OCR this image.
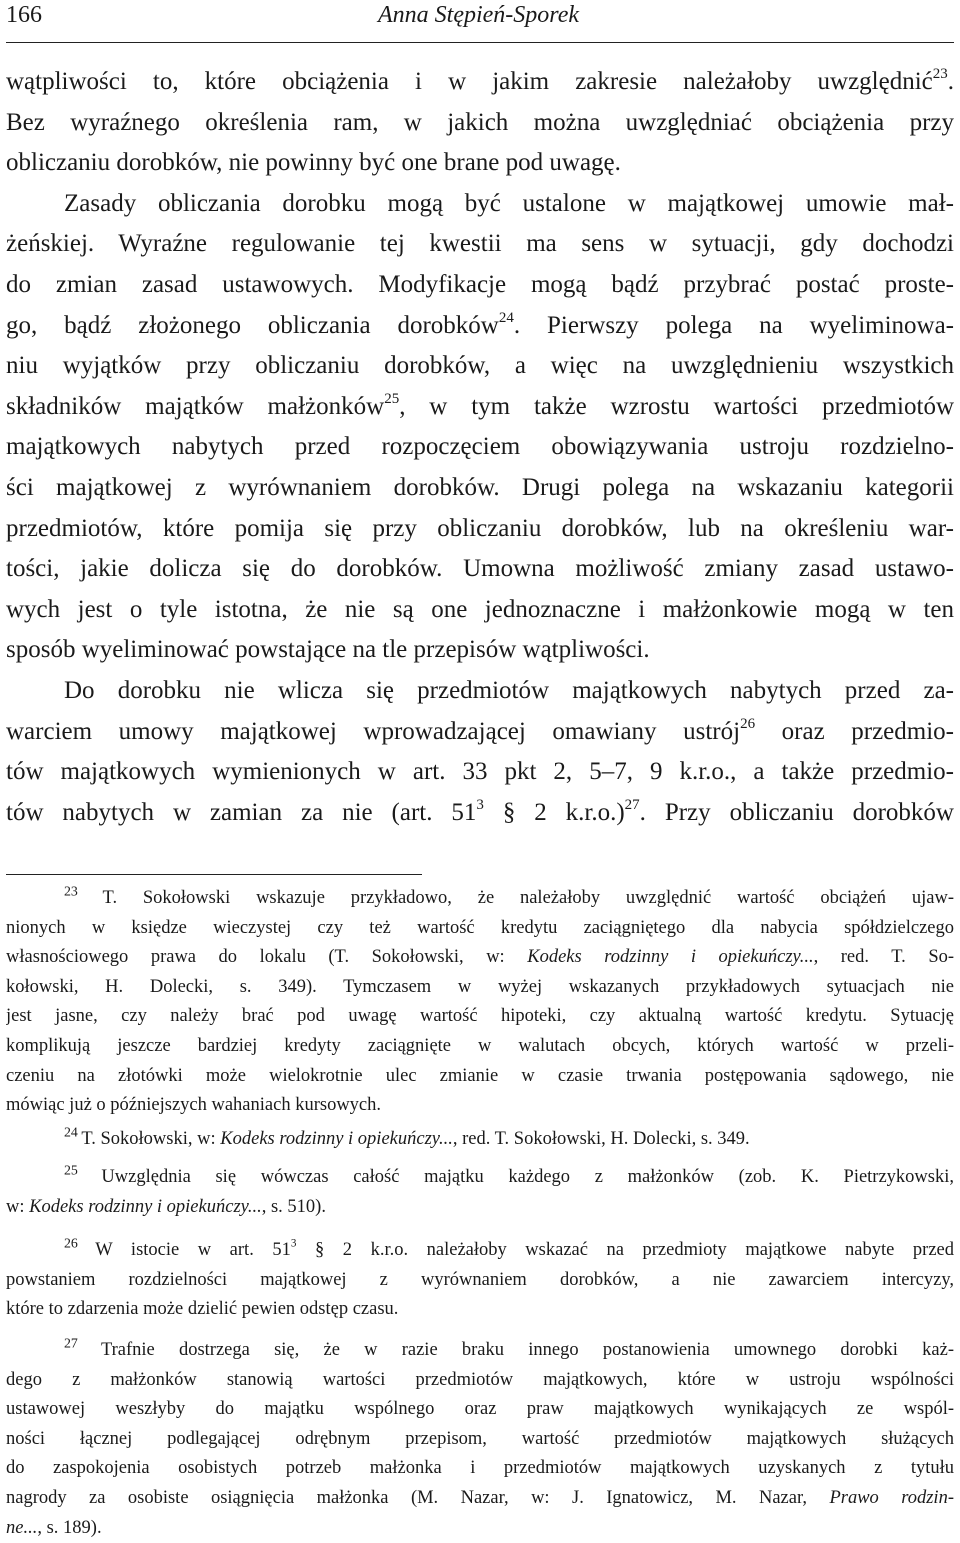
166	Anna Stępień-Sporek
wątpliwości to, które obciążenia i w jakim zakresie należałoby uwzględnić$^{23}$.
Bez wyraźnego określenia ram, w jakich można uwzględniać obciążenia przy
obliczaniu dorobków, nie powinny być one brane pod uwagę.
Zasady obliczania dorobku mogą być ustalone w majątkowej umowie mał-
żeńskiej. Wyraźne regulowanie tej kwestii ma sens w sytuacji, gdy dochodzi
do zmian zasad ustawowych. Modyfikacje mogą bądź przybrać postać proste-
go, bądź złożonego obliczania dorobków$^{24}$. Pierwszy polega na wyeliminowa-
niu wyjątków przy obliczaniu dorobków, a więc na uwzględnieniu wszystkich
składników majątków małżonków$^{25}$, w tym także wzrostu wartości przedmiotów
majątkowych nabytych przed rozpoczęciem obowiązywania ustroju rozdzielno-
ści majątkowej z wyrównaniem dorobków. Drugi polega na wskazaniu kategorii
przedmiotów, które pomija się przy obliczaniu dorobków, lub na określeniu war-
tości, jakie dolicza się do dorobków. Umowna możliwość zmiany zasad ustawo-
wych jest o tyle istotna, że nie są one jednoznaczne i małżonkowie mogą w ten
sposób wyeliminować powstające na tle przepisów wątpliwości.
Do dorobku nie wlicza się przedmiotów majątkowych nabytych przed za-
warciem umowy majątkowej wprowadzającej omawiany ustrój$^{26}$ oraz przedmio-
tów majątkowych wymienionych w art. 33 pkt 2, 5–7, 9 k.r.o., a także przedmio-
tów nabytych w zamian za nie (art. $51^3$ § 2 k.r.o.)$^{27}$. Przy obliczaniu dorobków
$^{23}$ T. Sokołowski wskazuje przykładowo, że należałoby uwzględnić wartość obciążeń ujaw-
nionych w księdze wieczystej czy też wartość kredytu zaciągniętego dla nabycia spółdzielczego
własnościowego prawa do lokalu (T. Sokołowski, w: Kodeks rodzinny i opiekuńczy..., red. T. So-
kołowski, H. Dolecki, s. 349). Tymczasem w wyżej wskazanych przykładowych sytuacjach nie
jest jasne, czy należy brać pod uwagę wartość hipoteki, czy aktualną wartość kredytu. Sytuację
komplikują jeszcze bardziej kredyty zaciągnięte w walutach obcych, których wartość w przeli-
czeniu na złotówki może wielokrotnie ulec zmianie w czasie trwania postępowania sądowego, nie
mówiąc już o późniejszych wahaniach kursowych.
$^{24}$ T. Sokołowski, w: Kodeks rodzinny i opiekuńczy..., red. T. Sokołowski, H. Dolecki, s. 349.
$^{25}$ Uwzględnia się wówczas całość majątku każdego z małżonków (zob. K. Pietrzykowski,
w: Kodeks rodzinny i opiekuńczy..., s. 510).
$^{26}$ W istocie w art. $51^3$ § 2 k.r.o. należałoby wskazać na przedmioty majątkowe nabyte przed
powstaniem rozdzielności majątkowej z wyrównaniem dorobków, a nie zawarciem intercyzy,
które to zdarzenia może dzielić pewien odstęp czasu.
$^{27}$ Trafnie dostrzega się, że w razie braku innego postanowienia umownego dorobki każ-
dego z małżonków stanowią wartości przedmiotów majątkowych, które w ustroju wspólności
ustawowej weszłyby do majątku wspólnego oraz praw majątkowych wynikających ze wspól-
ności łącznej podlegającej odrębnym przepisom, wartość przedmiotów majątkowych służących
do zaspokojenia osobistych potrzeb małżonka i przedmiotów majątkowych uzyskanych z tytułu
nagrody za osobiste osiągnięcia małżonka (M. Nazar, w: J. Ignatowicz, M. Nazar, Prawo rodzin-
ne..., s. 189).
